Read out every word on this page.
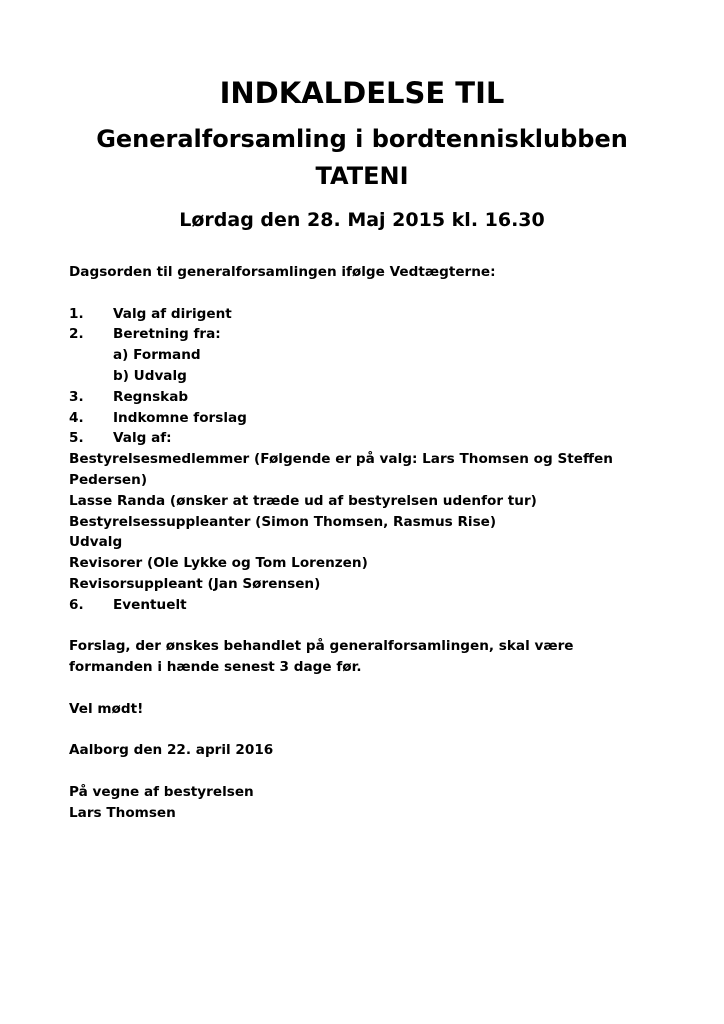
INDKALDELSE TIL
Generalforsamling i bordtennisklubben
TATENI
Lørdag den 28. Maj 2015 kl. 16.30
Dagsorden til generalforsamlingen ifølge Vedtægterne:
1. Valg af dirigent
2. Beretning fra:
a) Formand
b) Udvalg
3. Regnskab
4. Indkomne forslag
5. Valg af:
Bestyrelsesmedlemmer (Følgende er på valg: Lars Thomsen og Steffen
Pedersen)
Lasse Randa (ønsker at træde ud af bestyrelsen udenfor tur)
Bestyrelsessuppleanter (Simon Thomsen, Rasmus Rise)
Udvalg
Revisorer (Ole Lykke og Tom Lorenzen)
Revisorsuppleant (Jan Sørensen)
6. Eventuelt
Forslag, der ønskes behandlet på generalforsamlingen, skal være
formanden i hænde senest 3 dage før.
Vel mødt!
Aalborg den 22. april 2016
På vegne af bestyrelsen
Lars Thomsen
